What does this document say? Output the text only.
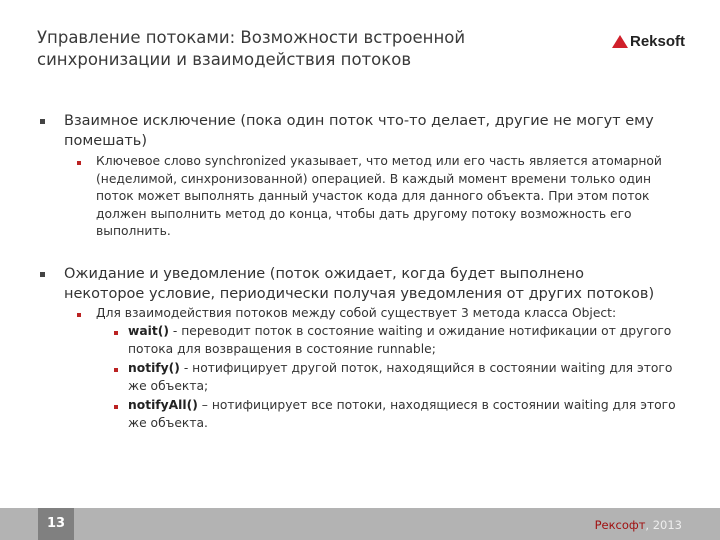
Управление потоками: Возможности встроенной синхронизации и взаимодействия потоков
Reksoft
Взаимное исключение (пока один поток что-то делает, другие не могут ему помешать)
Ключевое слово synchronized указывает, что метод или его часть является атомарной (неделимой, синхронизованной) операцией. В каждый момент времени только один поток может выполнять данный участок кода для данного объекта. При этом поток должен выполнить метод до конца, чтобы дать другому потоку возможность его выполнить.
Ожидание и уведомление (поток ожидает, когда будет выполнено некоторое условие, периодически получая уведомления от других потоков)
Для взаимодействия потоков между собой существует 3 метода класса Object:
wait() - переводит поток в состояние waiting и ожидание нотификации от другого потока для возвращения в состояние runnable;
notify() - нотифицирует другой поток, находящийся в состоянии waiting для этого же объекта;
notifyAll() – нотифицирует все потоки, находящиеся в состоянии waiting для этого же объекта.
13	Рексофт, 2013
